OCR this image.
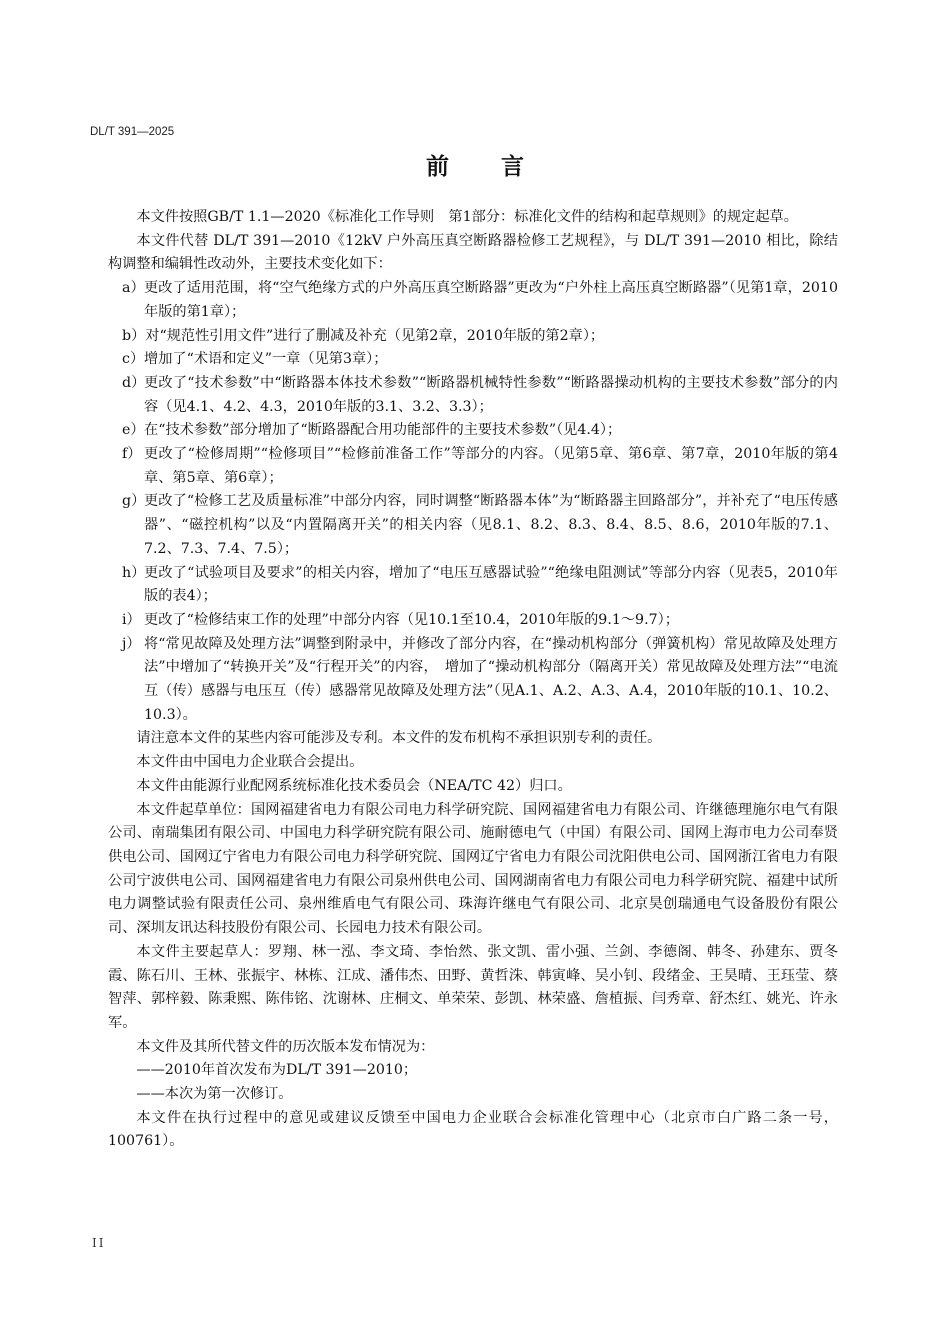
DL/T 391—2025
前言

本文件按照GB/T 1.1—2020《标准化工作导则　第1部分：标准化文件的结构和起草规则》的规定起草。

本文件代替 DL/T 391—2010《12kV 户外高压真空断路器检修工艺规程》，与 DL/T 391—2010 相比，除结构调整和编辑性改动外，主要技术变化如下：

a） 更改了适用范围，将“空气绝缘方式的户外高压真空断路器”更改为“户外柱上高压真空断路器”（见第1章，2010年版的第1章）；
b）对“规范性引用文件”进行了删减及补充（见第2章，2010年版的第2章）；
c） 增加了“术语和定义”一章（见第3章）；
d）
更改了“技术参数”中“断路器本体技术参数”“断路器机械特性参数”“断路器操动机构的主要技术参数”部分的内容（见4.1、4.2、4.3，2010年版的3.1、3.2、3.3）；
e） 在“技术参数”部分增加了“断路器配合用功能部件的主要技术参数”（见4.4）；
f） 更改了“检修周期”“检修项目”“检修前准备工作”等部分的内容。（见第5章、第6章、第7章，2010年版的第4章、第5章、第6章）；
g）
更改了“检修工艺及质量标准”中部分内容，同时调整“断路器本体”为“断路器主回路部分”，并补充了“电压传感器”、“磁控机构”以及“内置隔离开关”的相关内容（见8.1、8.2、8.3、8.4、8.5、8.6，2010年版的7.1、7.2、7.3、7.4、7.5）；
h）
更改了“试验项目及要求”的相关内容，增加了“电压互感器试验”“绝缘电阻测试”等部分内容（见表5，2010年版的表4）；
i） 更改了“检修结束工作的处理”中部分内容（见10.1至10.4，2010年版的9.1～9.7）；
j） 将“常见故障及处理方法”调整到附录中，并修改了部分内容，在“操动机构部分（弹簧机构）常见故障及处理方法”中增加了“转换开关”及“行程开关”的内容，　增加了“操动机构部分（隔离开关）常见故障及处理方法”“电流互（传）感器与电压互（传）感器常见故障及处理方法”（见A.1、A.2、A.3、A.4，2010年版的10.1、10.2、10.3）。

请注意本文件的某些内容可能涉及专利。本文件的发布机构不承担识别专利的责任。

本文件由中国电力企业联合会提出。

本文件由能源行业配网系统标准化技术委员会（NEA/TC 42）归口。

本文件起草单位：国网福建省电力有限公司电力科学研究院、国网福建省电力有限公司、许继德理施尔电气有限公司、南瑞集团有限公司、中国电力科学研究院有限公司、施耐德电气（中国）有限公司、国网上海市电力公司奉贤供电公司、国网辽宁省电力有限公司电力科学研究院、国网辽宁省电力有限公司沈阳供电公司、国网浙江省电力有限公司宁波供电公司、国网福建省电力有限公司泉州供电公司、国网湖南省电力有限公司电力科学研究院、福建中试所电力调整试验有限责任公司、泉州维盾电气有限公司、珠海许继电气有限公司、北京昊创瑞通电气设备股份有限公司、深圳友讯达科技股份有限公司、长园电力技术有限公司。

本文件主要起草人：罗翔、林一泓、李文琦、李怡然、张文凯、雷小强、兰剑、李德阁、韩冬、孙建东、贾冬霞、陈石川、王林、张振宇、林栋、江成、潘伟杰、田野、黄哲洙、韩寅峰、吴小钊、段绪金、王昊晴、王珏莹、蔡智萍、郭梓毅、陈秉熙、陈伟铭、沈谢林、庄桐文、单荣荣、彭凯、林荣盛、詹植振、闫秀章、舒杰红、姚光、许永军。

本文件及其所代替文件的历次版本发布情况为：

——2010年首次发布为DL/T 391—2010；

——本次为第一次修订。

本文件在执行过程中的意见或建议反馈至中国电力企业联合会标准化管理中心（北京市白广路二条一号，100761）。

II
